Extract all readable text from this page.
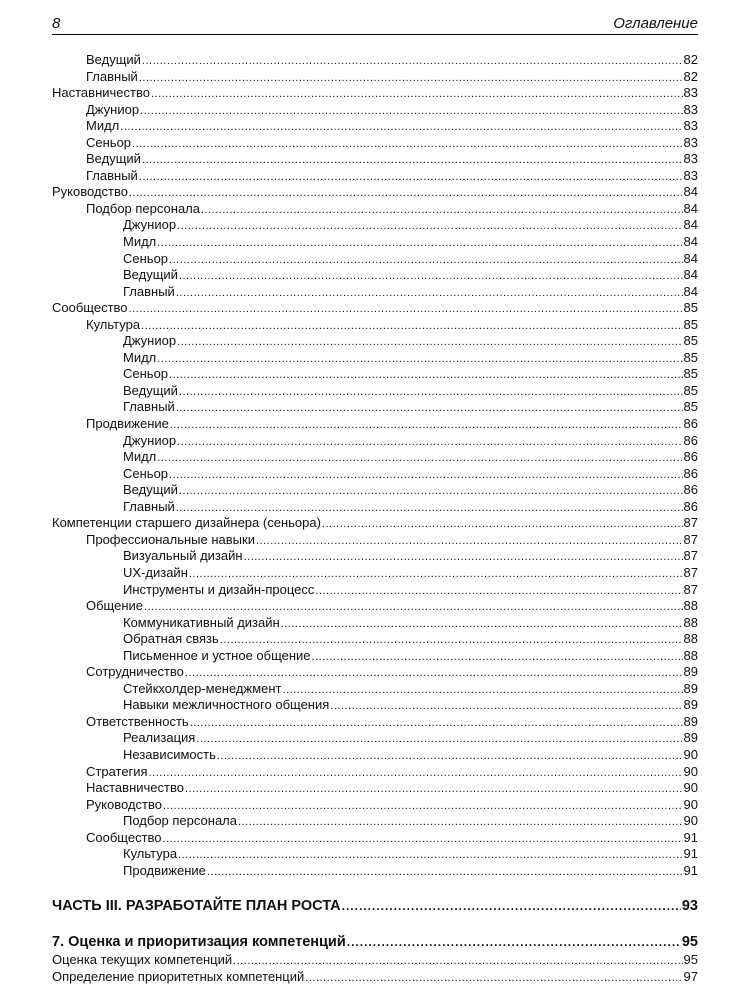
8	Оглавление
Ведущий .....	82
Главный .....	82
Наставничество .....	83
Джуниор .....	83
Мидл .....	83
Сеньор .....	83
Ведущий .....	83
Главный .....	83
Руководство .....	84
Подбор персонала .....	84
Джуниор .....	84
Мидл .....	84
Сеньор .....	84
Ведущий .....	84
Главный .....	84
Сообщество .....	85
Культура .....	85
Джуниор .....	85
Мидл .....	85
Сеньор .....	85
Ведущий .....	85
Главный .....	85
Продвижение .....	86
Джуниор .....	86
Мидл .....	86
Сеньор .....	86
Ведущий .....	86
Главный .....	86
Компетенции старшего дизайнера (сеньора) .....	87
Профессиональные навыки .....	87
Визуальный дизайн .....	87
UX-дизайн .....	87
Инструменты и дизайн-процесс .....	87
Общение .....	88
Коммуникативный дизайн .....	88
Обратная связь .....	88
Письменное и устное общение .....	88
Сотрудничество .....	89
Стейкхолдер-менеджмент .....	89
Навыки межличностного общения .....	89
Ответственность .....	89
Реализация .....	89
Независимость .....	90
Стратегия .....	90
Наставничество .....	90
Руководство .....	90
Подбор персонала .....	90
Сообщество .....	91
Культура .....	91
Продвижение .....	91
ЧАСТЬ III. РАЗРАБОТАЙТЕ ПЛАН РОСТА .....	93
7. Оценка и приоритизация компетенций .....	95
Оценка текущих компетенций .....	95
Определение приоритетных компетенций .....	97
